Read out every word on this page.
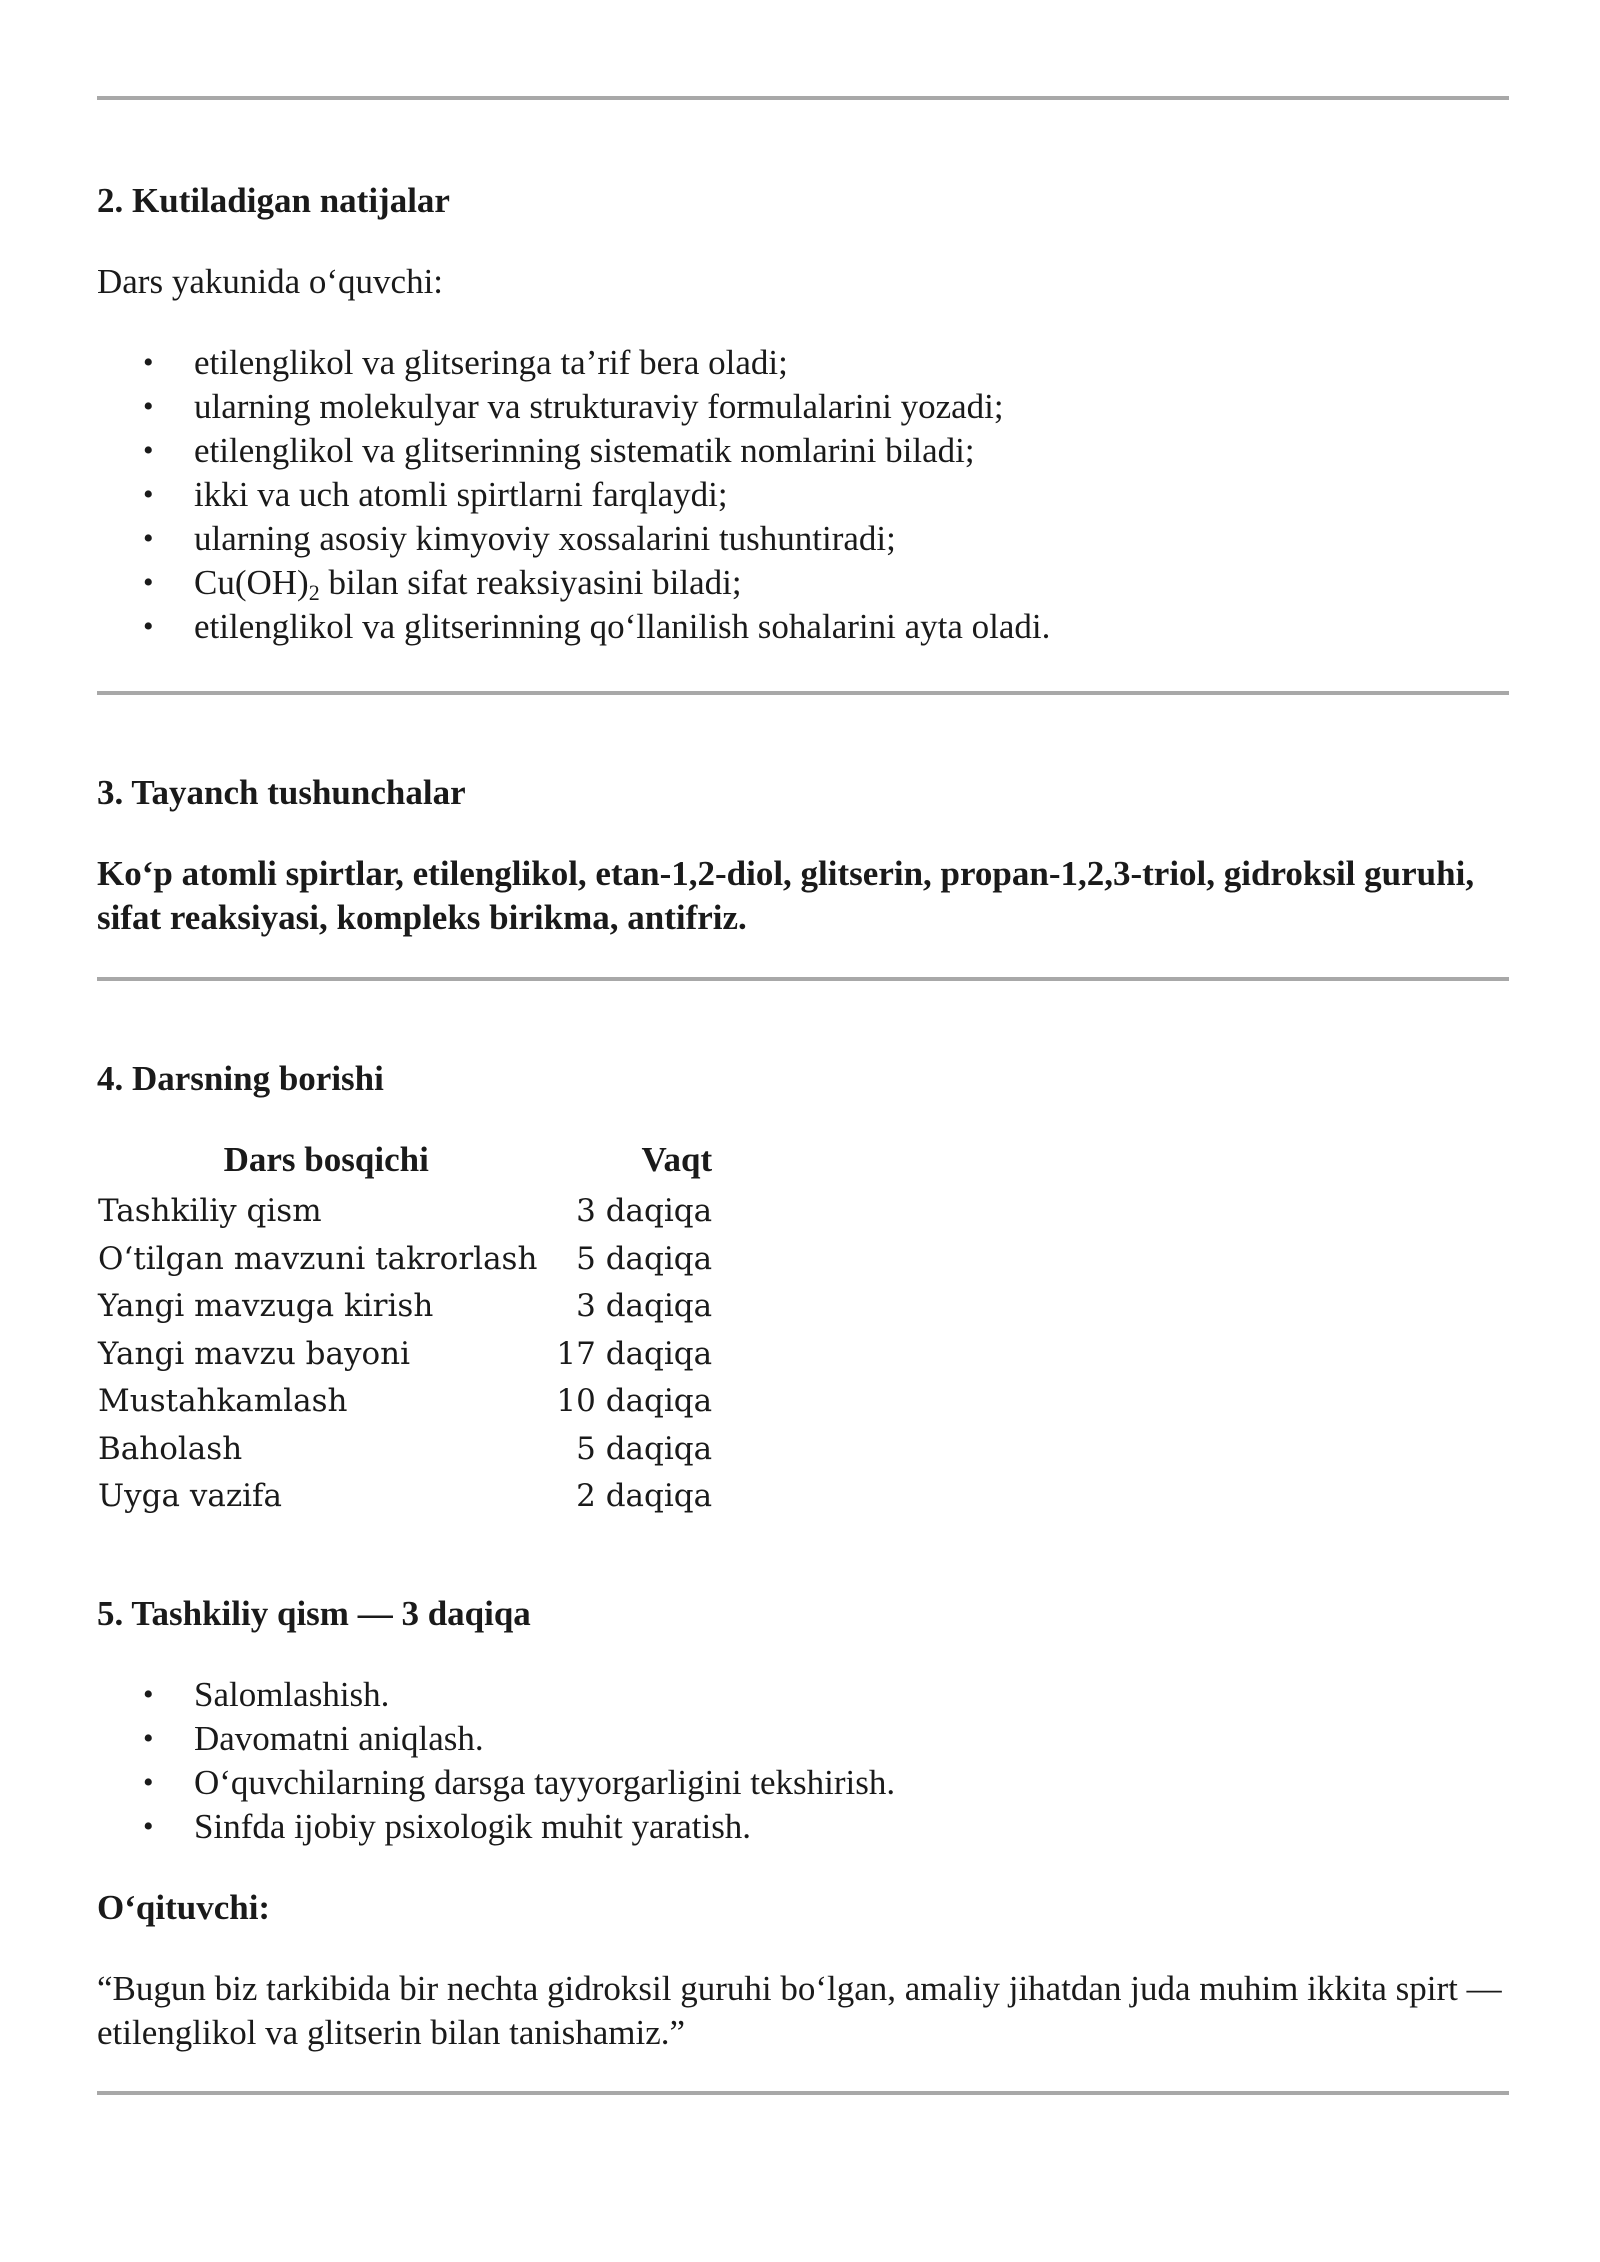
2. Kutiladigan natijalar

Dars yakunida o‘quvchi:

• etilenglikol va glitseringa ta’rif bera oladi;
• ularning molekulyar va strukturaviy formulalarini yozadi;
• etilenglikol va glitserinning sistematik nomlarini biladi;
• ikki va uch atomli spirtlarni farqlaydi;
• ularning asosiy kimyoviy xossalarini tushuntiradi;
• $Cu(OH)_2$ bilan sifat reaksiyasini biladi;
• etilenglikol va glitserinning qo‘llanilish sohalarini ayta oladi.
3. Tayanch tushunchalar

Ko‘p atomli spirtlar, etilenglikol, etan-1,2-diol, glitserin, propan-1,2,3-triol, gidroksil guruhi, sifat reaksiyasi, kompleks birikma, antifriz.

4. Darsning borishi
Dars bosqichi	Vaqt
Tashkiliy qism	3 daqiqa
O‘tilgan mavzuni takrorlash	5 daqiqa
Yangi mavzuga kirish	3 daqiqa
Yangi mavzu bayoni	17 daqiqa
Mustahkamlash	10 daqiqa
Baholash	5 daqiqa
Uyga vazifa	2 daqiqa
5. Tashkiliy qism — 3 daqiqa
• Salomlashish.
• Davomatni aniqlash.
• O‘quvchilarning darsga tayyorgarligini tekshirish.
• Sinfda ijobiy psixologik muhit yaratish.
O‘qituvchi:

“Bugun biz tarkibida bir nechta gidroksil guruhi bo‘lgan, amaliy jihatdan juda muhim ikkita spirt — etilenglikol va glitserin bilan tanishamiz.”
